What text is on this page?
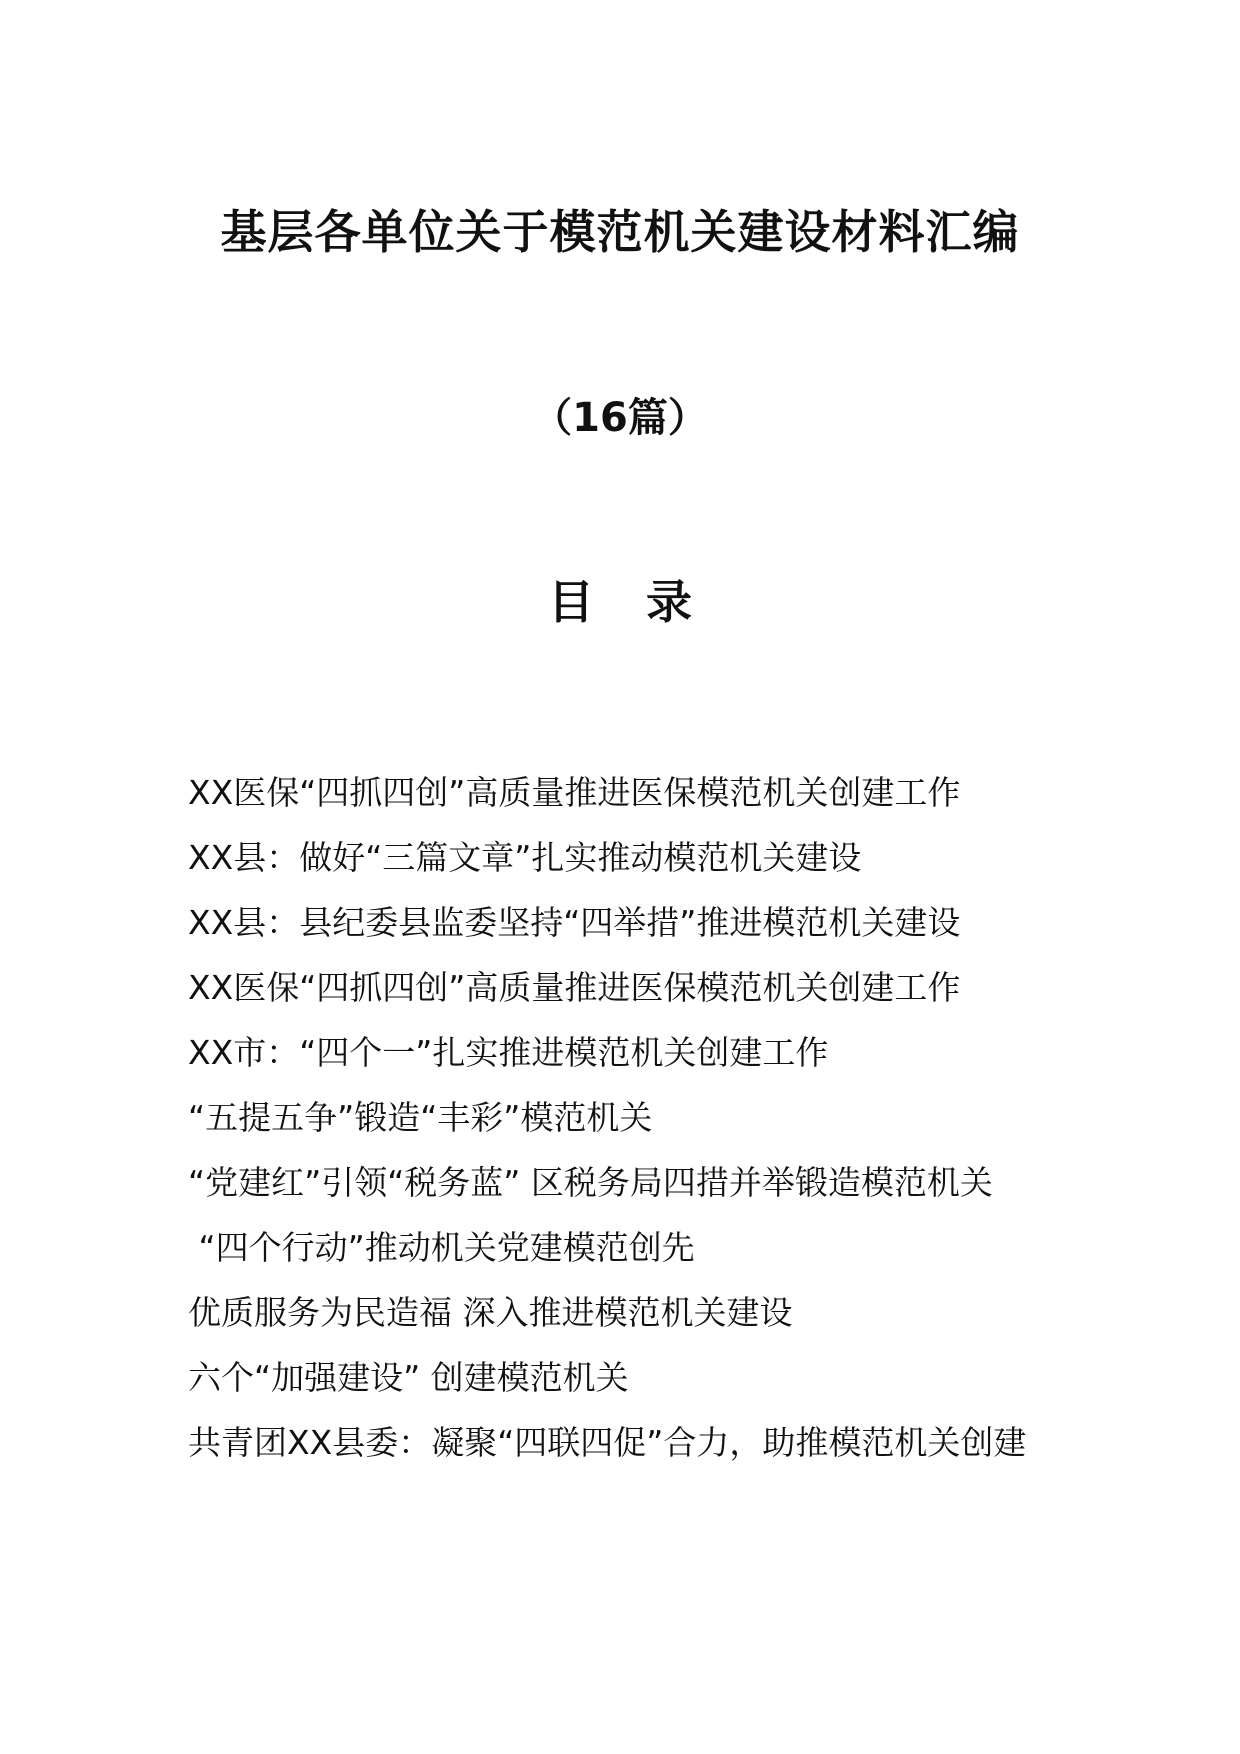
基层各单位关于模范机关建设材料汇编
（16篇）
目 录
XX医保“四抓四创”高质量推进医保模范机关创建工作
XX县：做好“三篇文章”扎实推动模范机关建设
XX县：县纪委县监委坚持“四举措”推进模范机关建设
XX医保“四抓四创”高质量推进医保模范机关创建工作
XX市：“四个一”扎实推进模范机关创建工作
“五提五争”锻造“丰彩”模范机关
“党建红”引领“税务蓝” 区税务局四措并举锻造模范机关
“四个行动”推动机关党建模范创先
优质服务为民造福 深入推进模范机关建设
六个“加强建设” 创建模范机关
共青团XX县委：凝聚“四联四促”合力，助推模范机关创建
